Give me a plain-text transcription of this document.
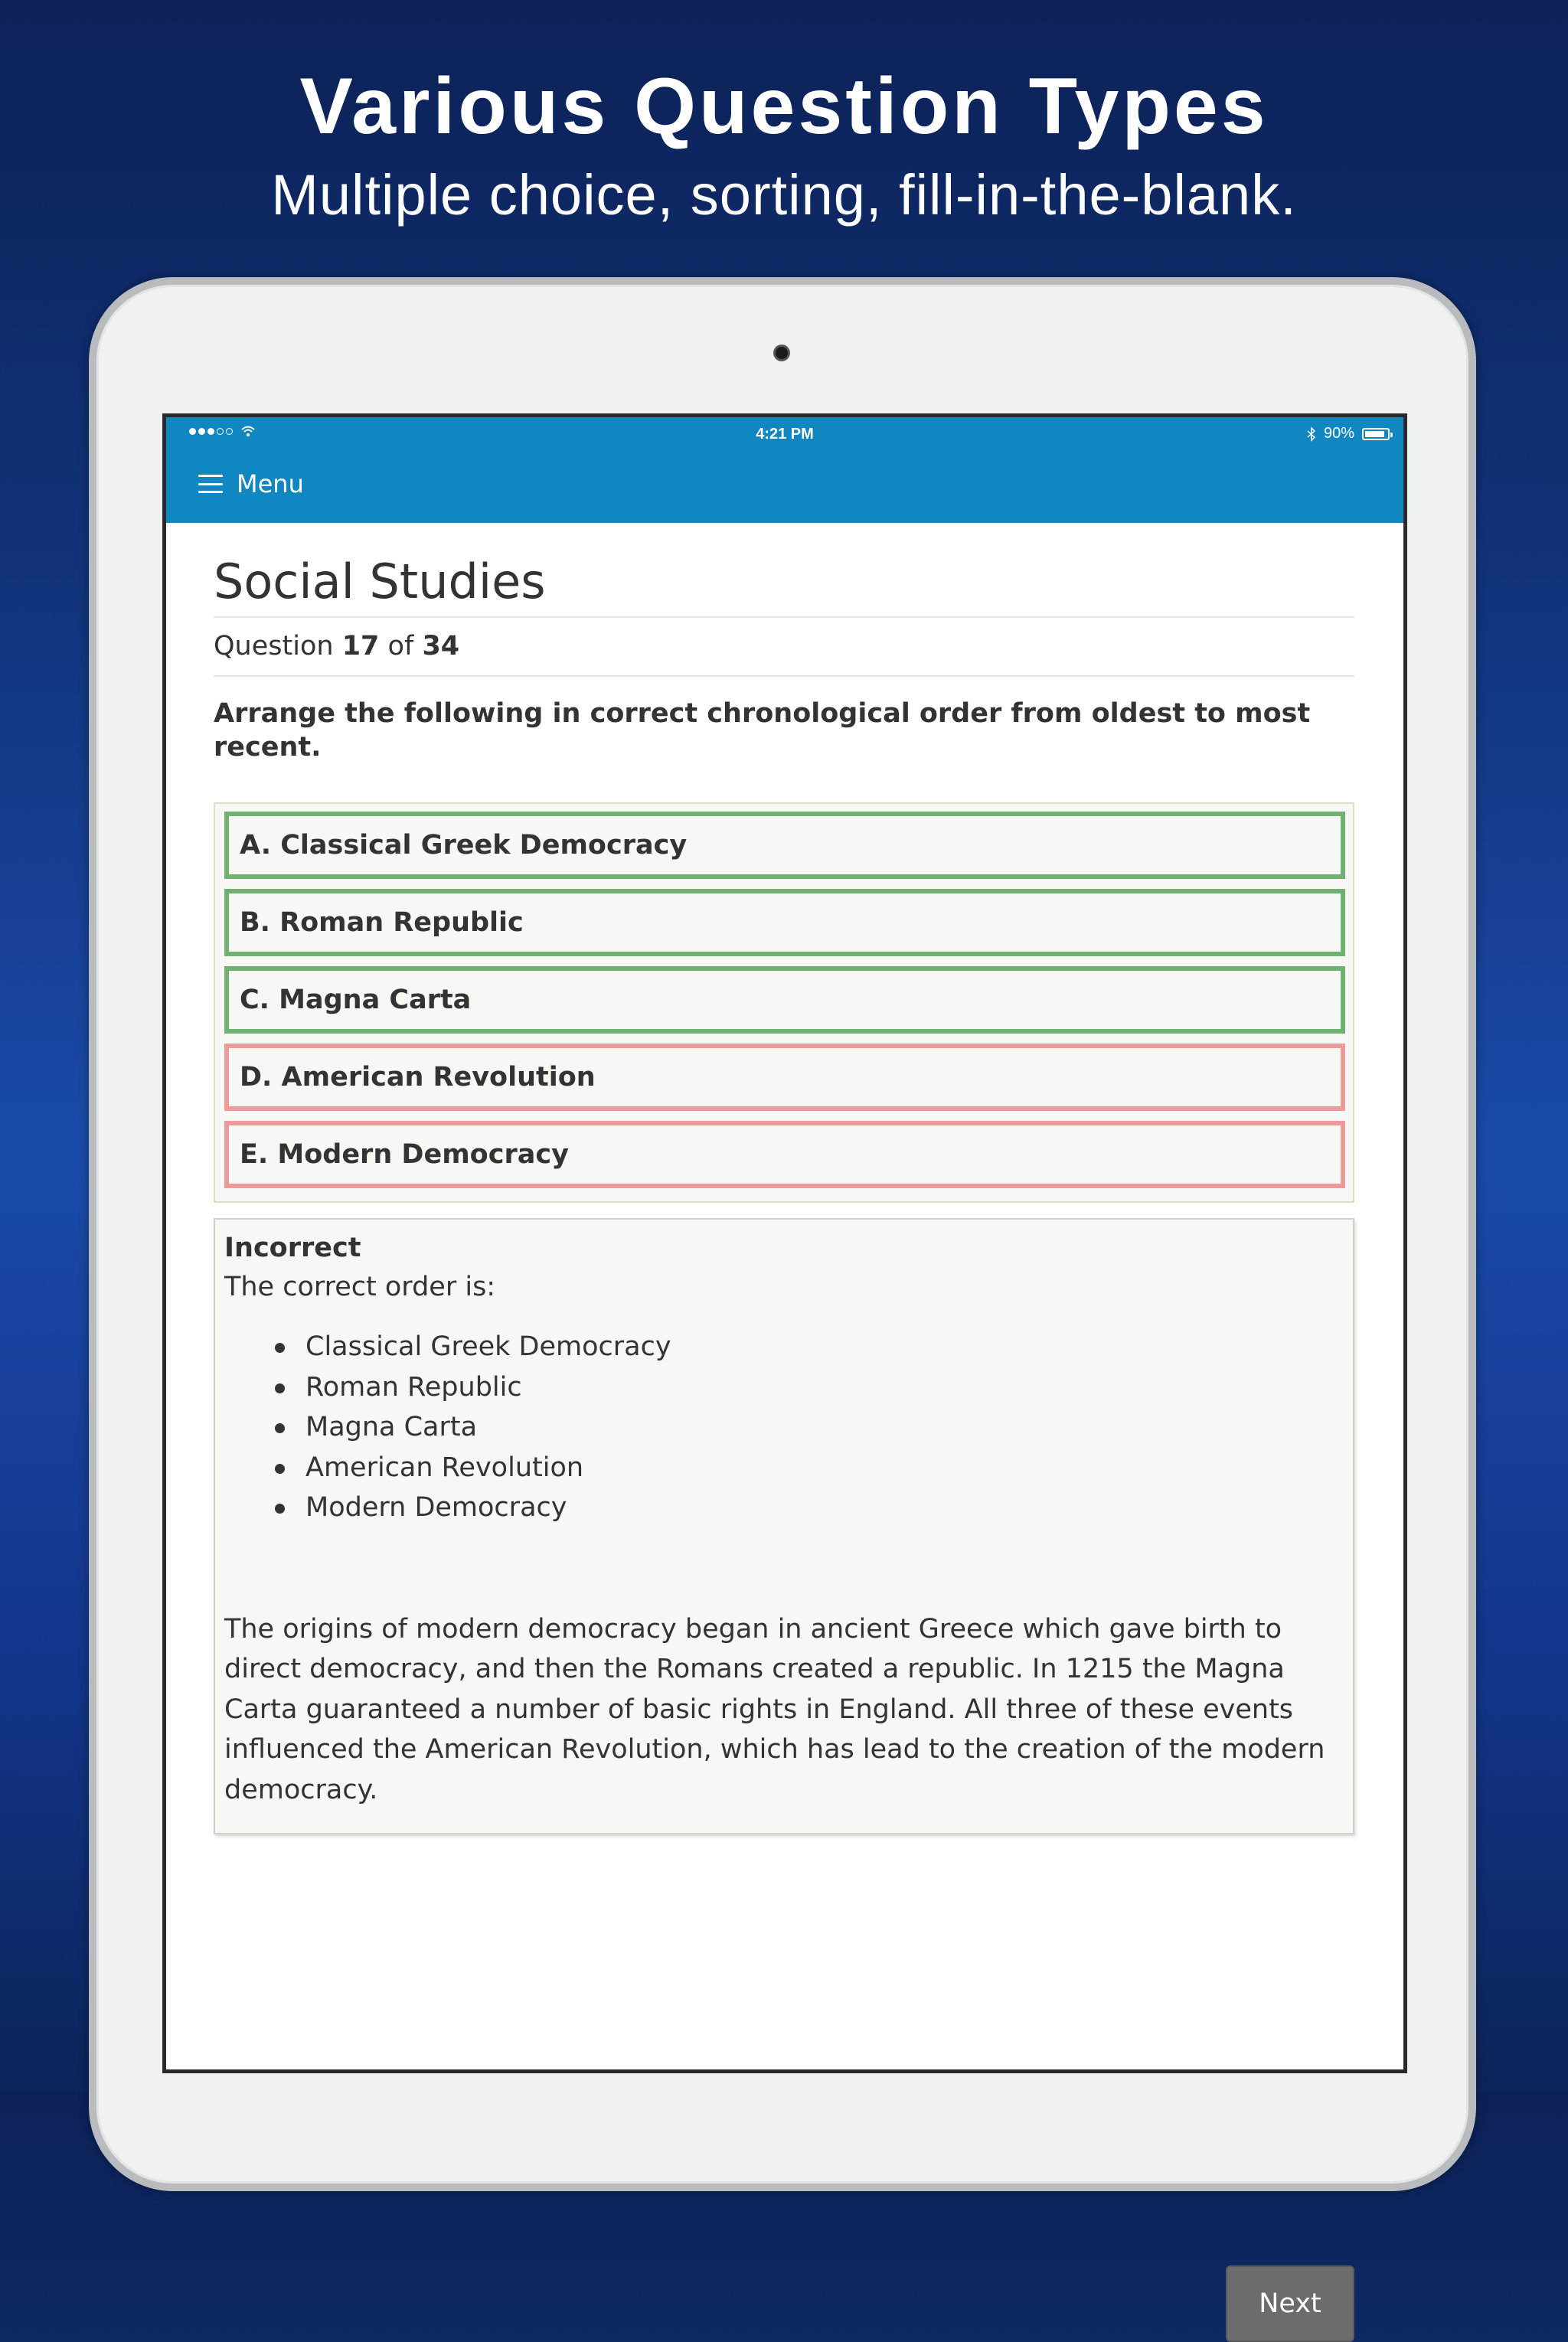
Various Question Types
Multiple choice, sorting, fill-in-the-blank.
4:21 PM	90%
Menu
Social Studies
Question 17 of 34
Arrange the following in correct chronological order from oldest to most recent.
A. Classical Greek Democracy
B. Roman Republic
C. Magna Carta
D. American Revolution
E. Modern Democracy
Incorrect
The correct order is:
Classical Greek Democracy
Roman Republic
Magna Carta
American Revolution
Modern Democracy
The origins of modern democracy began in ancient Greece which gave birth to direct democracy, and then the Romans created a republic. In 1215 the Magna Carta guaranteed a number of basic rights in England. All three of these events influenced the American Revolution, which has lead to the creation of the modern democracy.
Next
